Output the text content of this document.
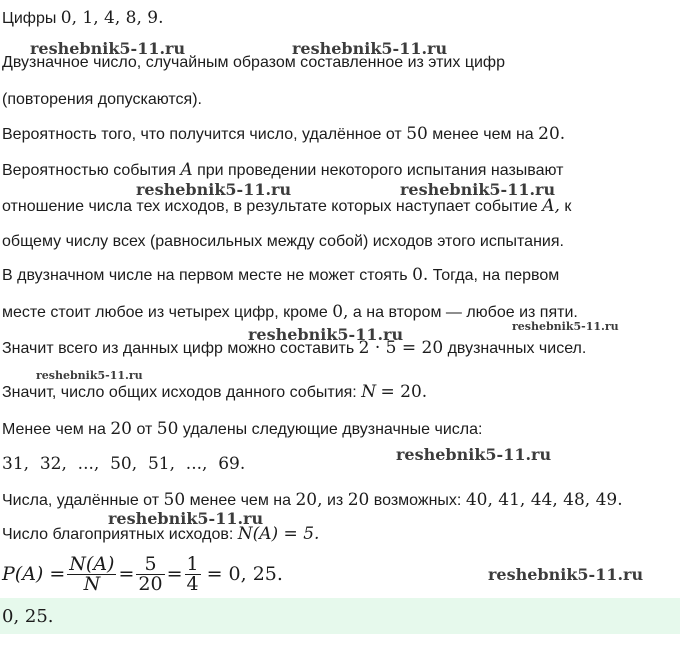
Цифры 0, 1, 4, 8, 9.
Двузначное число, случайным образом составленное из этих цифр
(повторения допускаются).
Вероятность того, что получится число, удалённое от 50 менее чем на 20.
Вероятностью события A при проведении некоторого испытания называют
отношение числа тех исходов, в результате которых наступает событие A, к
общему числу всех (равносильных между собой) исходов этого испытания.
В двузначном числе на первом месте не может стоять 0. Тогда, на первом
месте стоит любое из четырех цифр, кроме 0, а на втором — любое из пяти.
Значит всего из данных цифр можно составить 2 · 5 = 20 двузначных чисел.
Значит, число общих исходов данного события: N = 20.
Менее чем на 20 от 50 удалены следующие двузначные числа:
31,  32,  ...,  50,  51,  ...,  69.
Числа, удалённые от 50 менее чем на 20, из 20 возможных: 40, 41, 44, 48, 49.
Число благоприятных исходов: N(A) = 5.
$P(A) = \frac{N(A)}{N} = \frac{5}{20} = \frac{1}{4} = 0$, 25.
0, 25.
reshebnik5-11.ru	reshebnik5-11.ru
reshebnik5-11.ru	reshebnik5-11.ru
reshebnik5-11.ru	reshebnik5-11.ru
reshebnik5-11.ru
reshebnik5-11.ru
reshebnik5-11.ru
reshebnik5-11.ru
